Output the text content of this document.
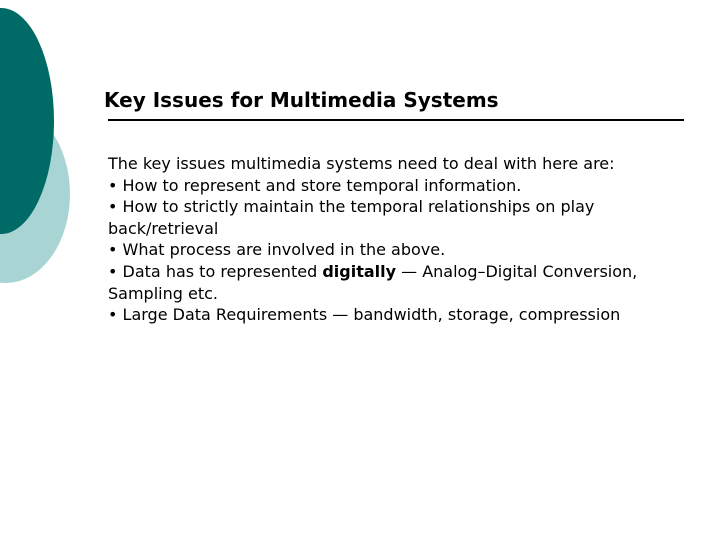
Key Issues for Multimedia Systems

The key issues multimedia systems need to deal with here are:

• How to represent and store temporal information.

• How to strictly maintain the temporal relationships on play back/retrieval

• What process are involved in the above.

• Data has to represented digitally — Analog–Digital Conversion, Sampling etc.

• Large Data Requirements — bandwidth, storage, compression
